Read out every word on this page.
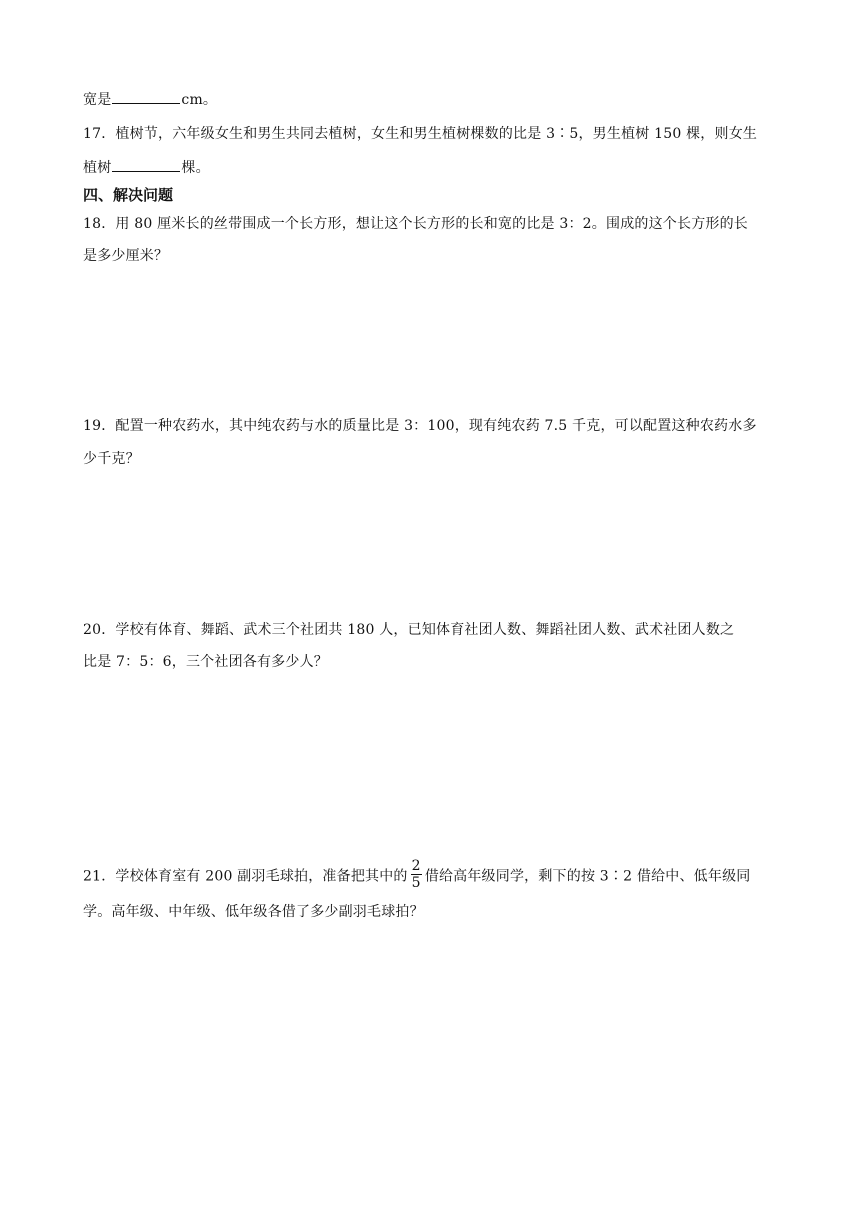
宽是	cm。
17．植树节，六年级女生和男生共同去植树，女生和男生植树棵数的比是 3∶5，男生植树 150 棵，则女生
植树	棵。
四、解决问题
18．用 80 厘米长的丝带围成一个长方形，想让这个长方形的长和宽的比是 3：2。围成的这个长方形的长
是多少厘米？
19．配置一种农药水，其中纯农药与水的质量比是 3：100，现有纯农药 7.5 千克，可以配置这种农药水多
少千克？
20．学校有体育、舞蹈、武术三个社团共 180 人，已知体育社团人数、舞蹈社团人数、武术社团人数之
比是 7：5：6，三个社团各有多少人？
21．学校体育室有 200 副羽毛球拍，准备把其中的 $\frac{2}{5}$ 借给高年级同学，剩下的按 3∶2 借给中、低年级同
学。高年级、中年级、低年级各借了多少副羽毛球拍？
